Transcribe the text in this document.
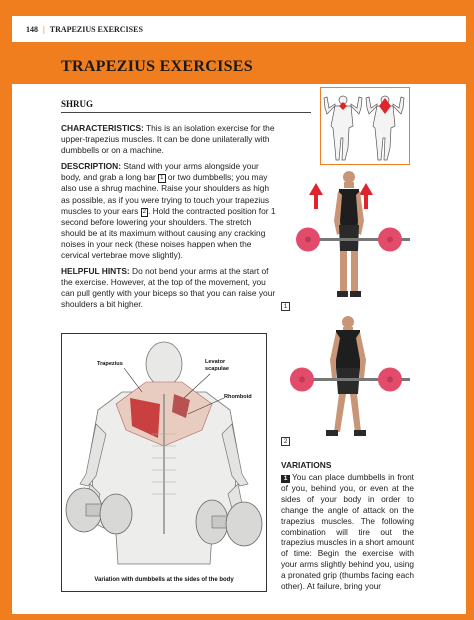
148 | TRAPEZIUS EXERCISES
TRAPEZIUS EXERCISES
SHRUG

CHARACTERISTICS: This is an isolation exercise for the upper-trapezius muscles. It can be done unilaterally with dumbbells or on a machine.

DESCRIPTION: Stand with your arms alongside your body, and grab a long bar 1 or two dumbbells; you may also use a shrug machine. Raise your shoulders as high as possible, as if you were trying to touch your trapezius muscles to your ears 2 . Hold the contracted position for 1 second before lowering your shoulders. The stretch should be at its maximum without causing any cracking noises in your neck (these noises happen when the cervical vertebrae move slightly).

HELPFUL HINTS: Do not bend your arms at the start of the exercise. However, at the top of the movement, you can pull gently with your biceps so that you can raise your shoulders a bit higher.	1
2
Trapezius	Levator
scapulae
Rhomboid
Variation with dumbbells at the sides of the body
VARIATIONS
1 You can place dumbbells in front of you, behind you, or even at the sides of your body in order to change the angle of attack on the trapezius muscles. The following combination will tire out the trapezius muscles in a short amount of time: Begin the exercise with your arms slightly behind you, using a pronated grip (thumbs facing each other). At failure, bring your
